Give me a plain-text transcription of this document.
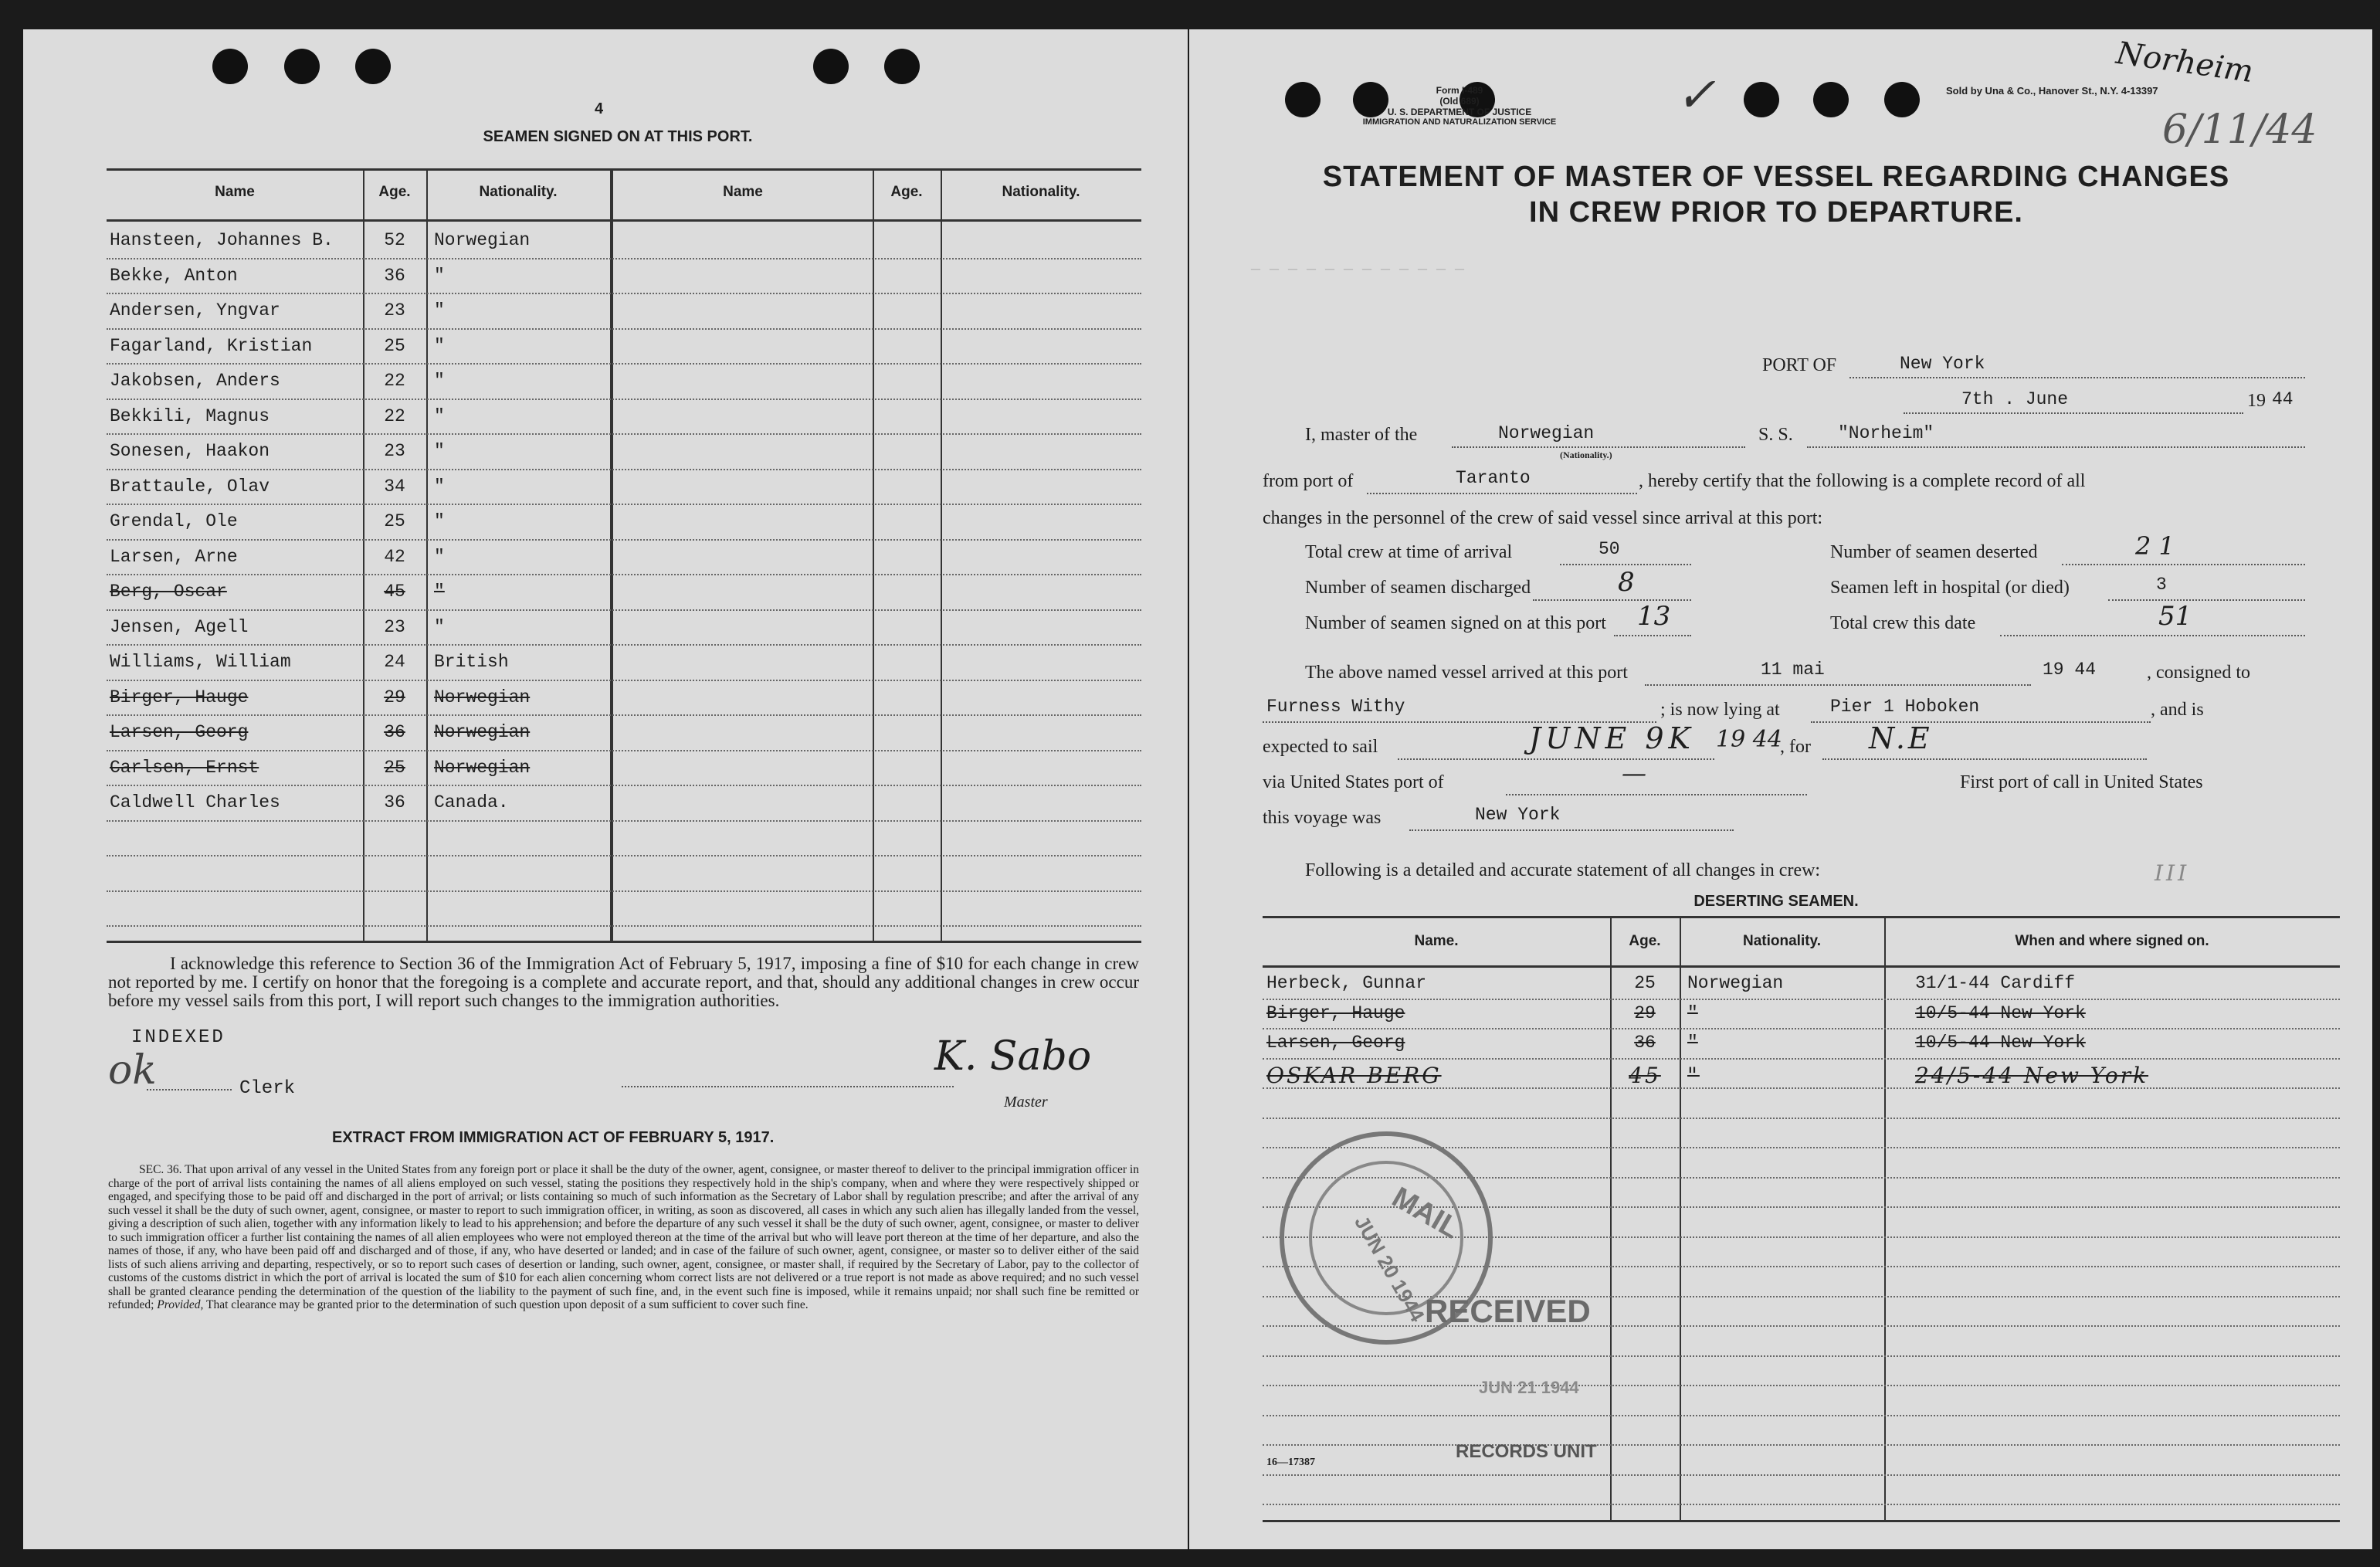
4
SEAMEN SIGNED ON AT THIS PORT.
Name	Age.	Nationality.	Name	Age.	Nationality.
Hansteen, Johannes B.	52	Norwegian
Bekke, Anton	36	"
Andersen, Yngvar	23	"
Fagarland, Kristian	25	"
Jakobsen, Anders	22	"
Bekkili, Magnus	22	"
Sonesen, Haakon	23	"
Brattaule, Olav	34	"
Grendal, Ole	25	"
Larsen, Arne	42	"
Berg, Oscar	45	"
Jensen, Agell	23	"
Williams, William	24	British
Birger, Hauge	29	Norwegian
Larsen, Georg	36	Norwegian
Carlsen, Ernst	25	Norwegian
Caldwell Charles	36	Canada.
I acknowledge this reference to Section 36 of the Immigration Act of February 5, 1917, imposing a fine of $10 for each change in crew not reported by me. I certify on honor that the foregoing is a complete and accurate report, and that, should any additional changes in crew occur before my vessel sails from this port, I will report such changes to the immigration authorities.
INDEXED
ok	Clerk
K. Sabo
Master
EXTRACT FROM IMMIGRATION ACT OF FEBRUARY 5, 1917.
SEC. 36. That upon arrival of any vessel in the United States from any foreign port or place it shall be the duty of the owner, agent, consignee, or master thereof to deliver to the principal immigration officer in charge of the port of arrival lists containing the names of all aliens employed on such vessel, stating the positions they respectively hold in the ship's company, when and where they were respectively shipped or engaged, and specifying those to be paid off and discharged in the port of arrival; or lists containing so much of such information as the Secretary of Labor shall by regulation prescribe; and after the arrival of any such vessel it shall be the duty of such owner, agent, consignee, or master to report to such immigration officer, in writing, as soon as discovered, all cases in which any such alien has illegally landed from the vessel, giving a description of such alien, together with any information likely to lead to his apprehension; and before the departure of any such vessel it shall be the duty of such owner, agent, consignee, or master to deliver to such immigration officer a further list containing the names of all alien employees who were not employed thereon at the time of the arrival but who will leave port thereon at the time of her departure, and also the names of those, if any, who have been paid off and discharged and of those, if any, who have deserted or landed; and in case of the failure of such owner, agent, consignee, or master so to deliver either of the said lists of such aliens arriving and departing, respectively, or so to report such cases of desertion or landing, such owner, agent, consignee, or master shall, if required by the Secretary of Labor, pay to the collector of customs of the customs district in which the port of arrival is located the sum of $10 for each alien concerning whom correct lists are not delivered or a true report is not made as above required; and no such vessel shall be granted clearance pending the determination of the question of the liability to the payment of such fine, and, in the event such fine is imposed, while it remains unpaid; nor shall such fine be remitted or refunded; Provided, That clearance may be granted prior to the determination of such question upon deposit of a sum sufficient to cover such fine.
Form I-489
(Old 689)
U. S. DEPARTMENT OF JUSTICE
IMMIGRATION AND NATURALIZATION SERVICE	✓	Sold by Una & Co., Hanover St., N.Y. 4-13397
Norheim
6/11/44
STATEMENT OF MASTER OF VESSEL REGARDING CHANGES
IN CREW PRIOR TO DEPARTURE.
— — — — — — — — — — — —
PORT OF	New York
7th . June	19 44
I, master of the	Norwegian
(Nationality.)
S. S.	"Norheim"
from port of	Taranto	, hereby certify that the following is a complete record of all
changes in the personnel of the crew of said vessel since arrival at this port:
Total crew at time of arrival	50	Number of seamen deserted	2 1
Number of seamen discharged	8	Seamen left in hospital (or died)	3
Number of seamen signed on at this port 13	Total crew this date	51
The above named vessel arrived at this port	11 mai	19 44	, consigned to
Furness Withy	; is now lying at	Pier 1 Hoboken	, and is
expected to sail	JUNE 9K 19 44
, for N.E
via United States port of	—	First port of call in United States
this voyage was	New York
Following is a detailed and accurate statement of all changes in crew:	III
DESERTING SEAMEN.
Name.	Age.	Nationality.	When and where signed on.
Herbeck, Gunnar	25	Norwegian	31/1-44 Cardiff
Birger, Hauge	29	"	10/5-44 New York
Larsen, Georg	36	"	10/5-44 New York
OSKAR BERG	45	"	24/5-44 New York
MAIL
JUN 20 1944
RECEIVED
JUN 21 1944
RECORDS UNIT
16—17387
